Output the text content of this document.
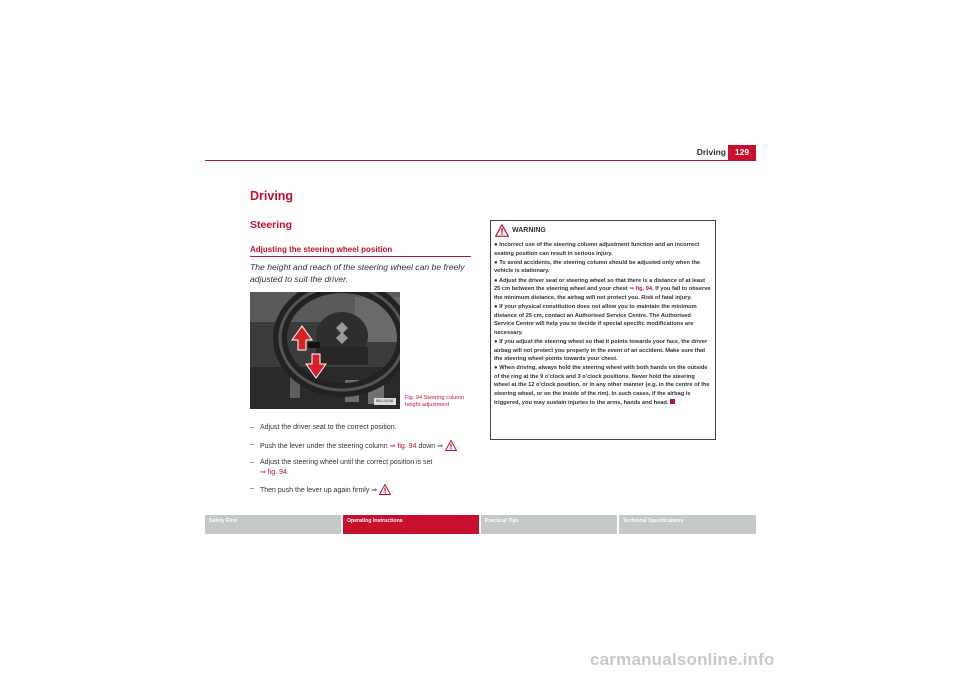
Driving	129
Driving
Steering
Adjusting the steering wheel position
The height and reach of the steering wheel can be freely adjusted to suit the driver.
B6J-0038 Fig. 94 Steering column height adjustment
– Adjust the driver seat to the correct position.
– Push the lever under the steering column ⇒ fig. 94 down ⇒ .
– Adjust the steering wheel until the correct position is set
⇒ fig. 94.
– Then push the lever up again firmly ⇒ .
WARNING

● Incorrect use of the steering column adjustment function and an incorrect seating position can result in serious injury.

● To avoid accidents, the steering column should be adjusted only when the vehicle is stationary.

● Adjust the driver seat or steering wheel so that there is a distance of at least 25 cm between the steering wheel and your chest ⇒ fig. 94. If you fail to observe the minimum distance, the airbag will not protect you. Risk of fatal injury.

● If your physical constitution does not allow you to maintain the minimum distance of 25 cm, contact an Authorised Service Centre. The Authorised Service Centre will help you to decide if special specific modifications are necessary.

● If you adjust the steering wheel so that it points towards your face, the driver airbag will not protect you properly in the event of an accident. Make sure that the steering wheel points towards your chest.

● When driving, always hold the steering wheel with both hands on the outside of the ring at the 9 o'clock and 3 o'clock positions. Never hold the steering wheel at the 12 o'clock position, or in any other manner (e.g. in the centre of the steering wheel, or on the inside of the rim). In such cases, if the airbag is triggered, you may sustain injuries to the arms, hands and head.

Safety First	Operating Instructions	Practical Tips	Technical Specifications
carmanualsonline.info
